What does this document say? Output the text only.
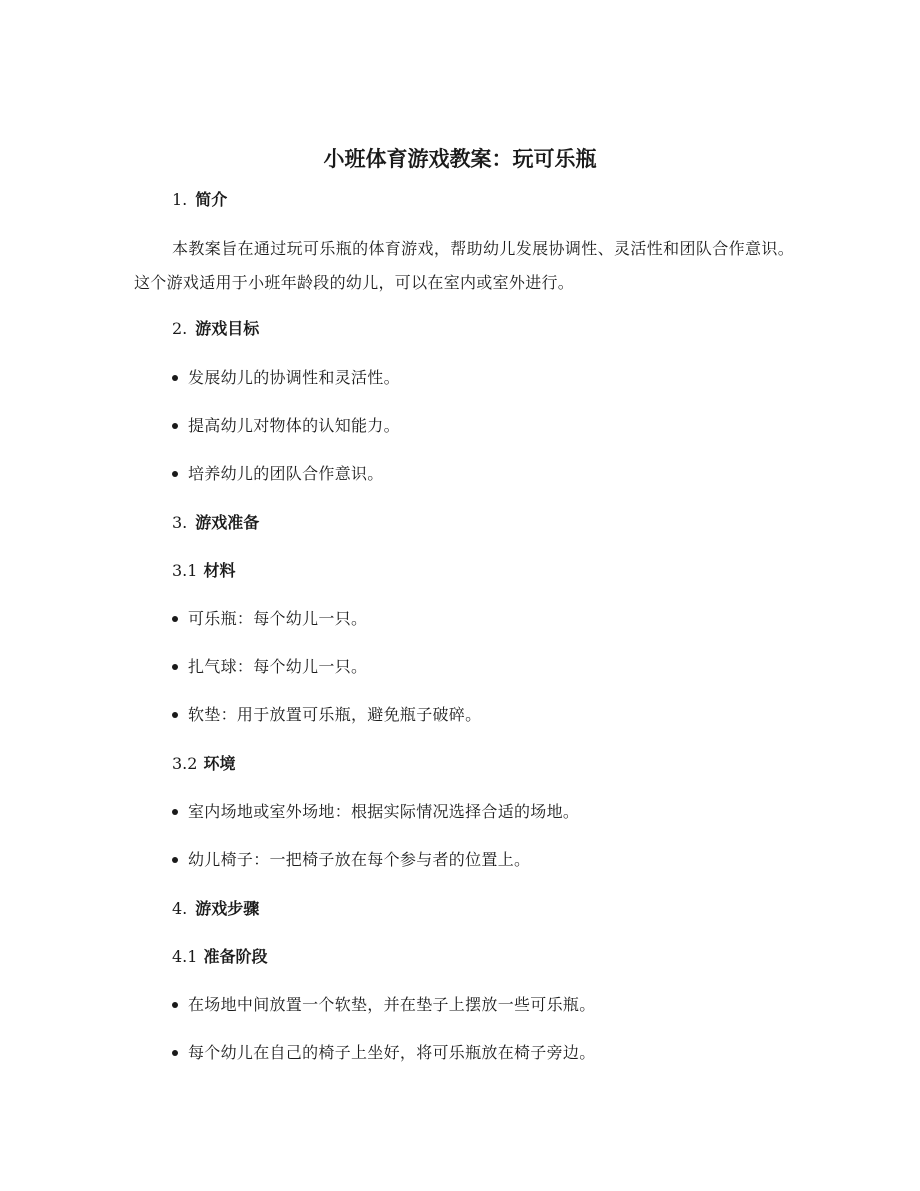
小班体育游戏教案：玩可乐瓶
1. 简介
本教案旨在通过玩可乐瓶的体育游戏，帮助幼儿发展协调性、灵活性和团队合作意识。这个游戏适用于小班年龄段的幼儿，可以在室内或室外进行。
2. 游戏目标
发展幼儿的协调性和灵活性。
提高幼儿对物体的认知能力。
培养幼儿的团队合作意识。
3. 游戏准备
3.1 材料
可乐瓶：每个幼儿一只。
扎气球：每个幼儿一只。
软垫：用于放置可乐瓶，避免瓶子破碎。
3.2 环境
室内场地或室外场地：根据实际情况选择合适的场地。
幼儿椅子：一把椅子放在每个参与者的位置上。
4. 游戏步骤
4.1 准备阶段
在场地中间放置一个软垫，并在垫子上摆放一些可乐瓶。
每个幼儿在自己的椅子上坐好，将可乐瓶放在椅子旁边。
